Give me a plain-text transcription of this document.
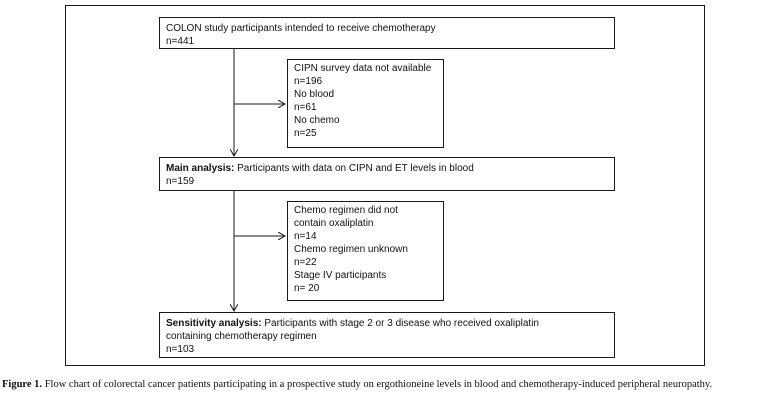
COLON study participants intended to receive chemotherapy

n=441

CIPN survey data not available

n=196

No blood

n=61

No chemo

n=25

Main analysis: Participants with data on CIPN and ET levels in blood

n=159

Chemo regimen did not

contain oxaliplatin

n=14

Chemo regimen unknown

n=22

Stage IV participants

n= 20

Sensitivity analysis: Participants with stage 2 or 3 disease who received oxaliplatin

containing chemotherapy regimen

n=103

Figure 1. Flow chart of colorectal cancer patients participating in a prospective study on ergothioneine levels in blood and chemotherapy-induced peripheral neuropathy.
